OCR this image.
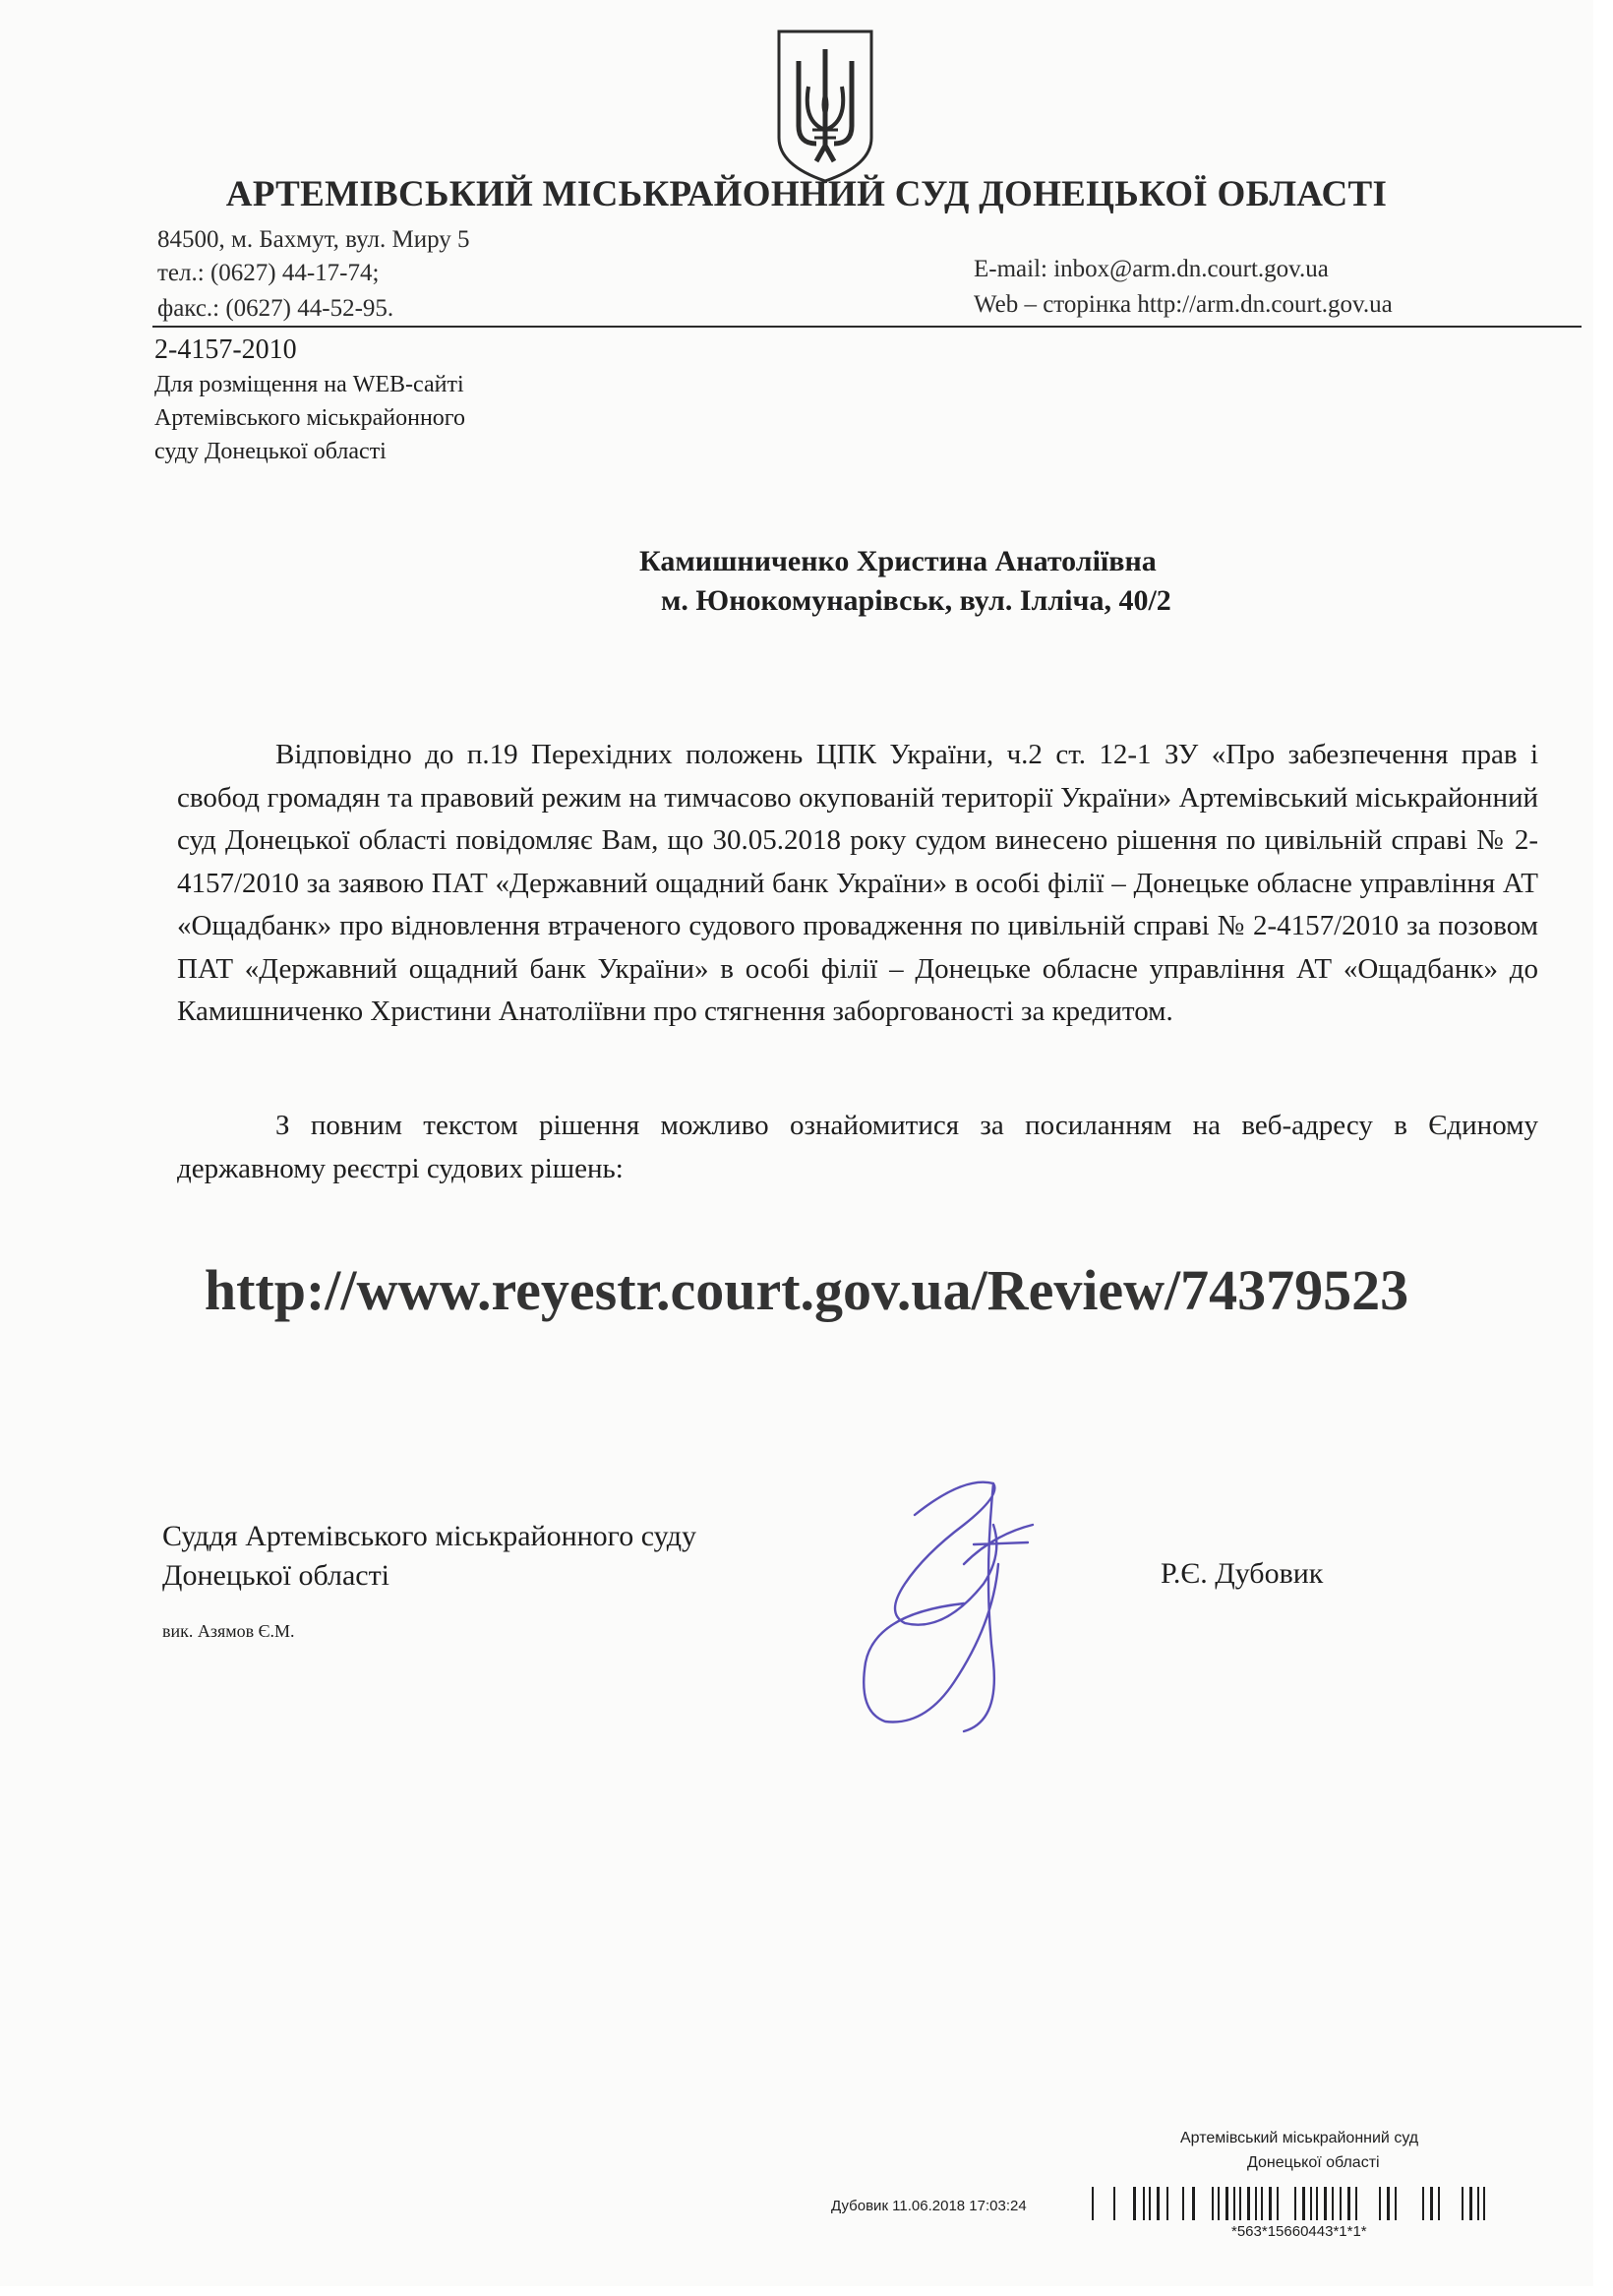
АРТЕМІВСЬКИЙ МІСЬКРАЙОННИЙ СУД ДОНЕЦЬКОЇ ОБЛАСТІ
84500, м. Бахмут, вул. Миру 5
тел.: (0627) 44-17-74;
факс.: (0627) 44-52-95.
E-mail: inbox@arm.dn.court.gov.ua
Web – сторінка http://arm.dn.court.gov.ua
2-4157-2010
Для розміщення на WEB-сайті
Артемівського міськрайонного
суду Донецької області
Камишниченко Христина Анатоліївна
м. Юнокомунарівськ, вул. Ілліча, 40/2
Відповідно до п.19 Перехідних положень ЦПК України, ч.2 ст. 12-1 ЗУ «Про забезпечення прав і свобод громадян та правовий режим на тимчасово окупованій території України» Артемівський міськрайонний суд Донецької області повідомляє Вам, що 30.05.2018 року судом винесено рішення по цивільній справі № 2-4157/2010 за заявою ПАТ «Державний ощадний банк України» в особі філії – Донецьке обласне управління АТ «Ощадбанк» про відновлення втраченого судового провадження по цивільній справі № 2-4157/2010 за позовом ПАТ «Державний ощадний банк України» в особі філії – Донецьке обласне управління АТ «Ощадбанк» до Камишниченко Христини Анатоліївни про стягнення заборгованості за кредитом.
З повним текстом рішення можливо ознайомитися за посиланням на веб-адресу в Єдиному державному реєстрі судових рішень:
http://www.reyestr.court.gov.ua/Review/74379523
Суддя Артемівського міськрайонного суду
Донецької області	Р.Є. Дубовик
вик. Азямов Є.М.
Артемівський міськрайонний суд
Донецької області
Дубовик 11.06.2018 17:03:24
*563*15660443*1*1*
